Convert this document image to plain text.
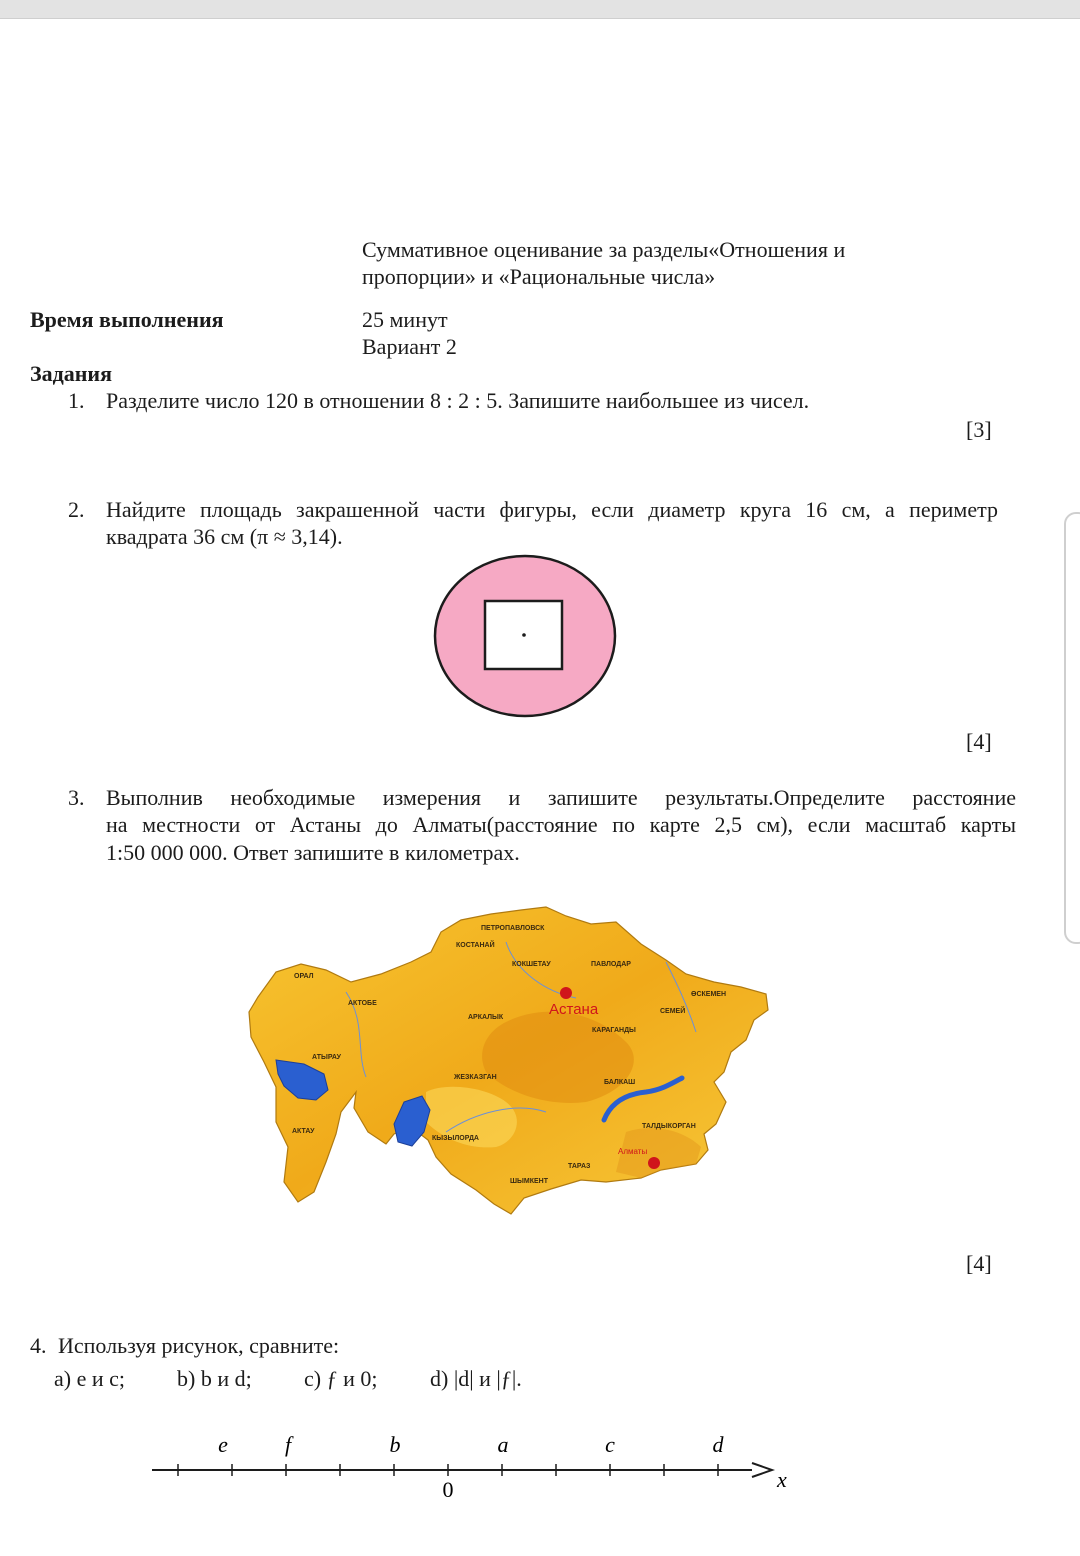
Суммативное оценивание за разделы«Отношения и
пропорции» и «Рациональные числа»
Время выполнения	25 минут
Вариант 2
Задания
1. Разделите число 120 в отношении 8 : 2 : 5. Запишите наибольшее из чисел.
[3]
2. Найдите площадь закрашенной части фигуры, если диаметр круга 16 см, а периметр
квадрата 36 см (π ≈ 3,14).
[4]
3. Выполнив необходимые измерения и запишите результаты.Определите расстояние
на местности от Астаны до Алматы(расстояние по карте 2,5 см), если масштаб карты
1:50 000 000. Ответ запишите в километрах.
ПЕТРОПАВЛОВСК
КОСТАНАЙ
КОКШЕТАУ	ПАВЛОДАР
ОРАЛ
АКТОБЕ
АРКАЛЫК
КАРАГАНДЫ
СЕМЕЙ
ӨСКЕМЕН
АТЫРАУ
ЖЕЗКАЗГАН
БАЛКАШ
АКТАУ
КЫЗЫЛОРДА
ТАЛДЫКОРГАН
ТАРАЗ
ШЫМКЕНТ
Астана
Алматы
[4]
4. Используя рисунок, сравните:
a) e и c; b) b и d; c) ƒ и 0; d) |d| и |ƒ|.
e	f	b	a	c	d
0	x
